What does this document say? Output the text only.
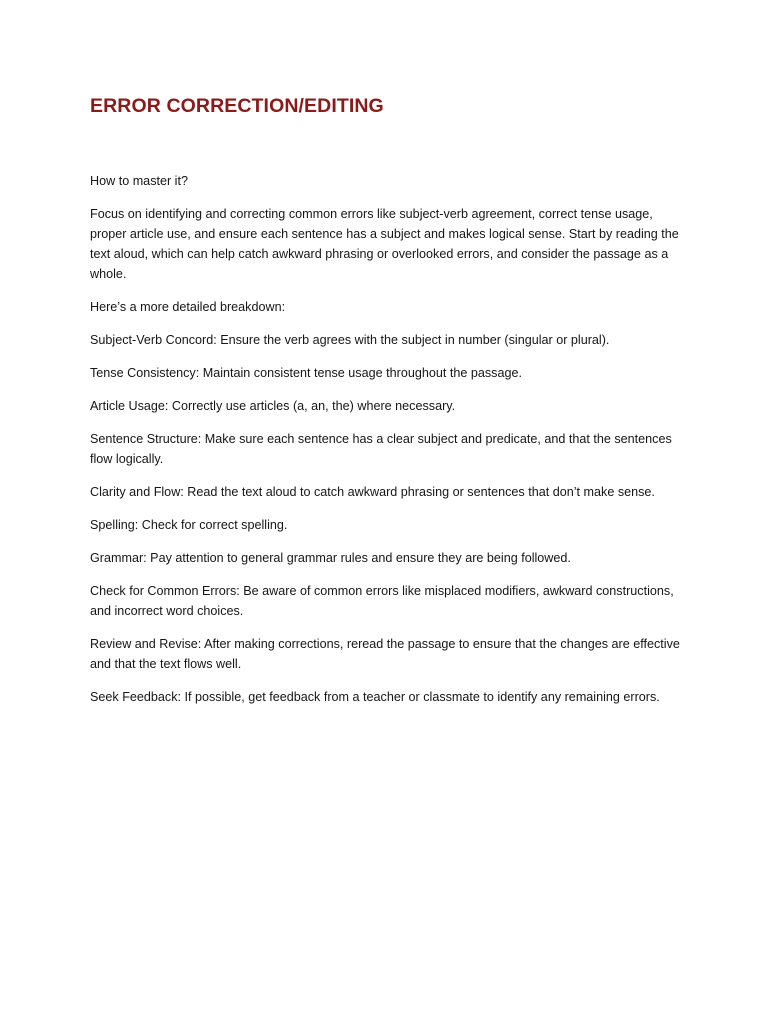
ERROR CORRECTION/EDITING

How to master it?

Focus on identifying and correcting common errors like subject-verb agreement, correct tense usage, proper article use, and ensure each sentence has a subject and makes logical sense. Start by reading the text aloud, which can help catch awkward phrasing or overlooked errors, and consider the passage as a whole.

Here’s a more detailed breakdown:

Subject-Verb Concord: Ensure the verb agrees with the subject in number (singular or plural).

Tense Consistency: Maintain consistent tense usage throughout the passage.

Article Usage: Correctly use articles (a, an, the) where necessary.

Sentence Structure: Make sure each sentence has a clear subject and predicate, and that the sentences flow logically.

Clarity and Flow: Read the text aloud to catch awkward phrasing or sentences that don’t make sense.

Spelling: Check for correct spelling.

Grammar: Pay attention to general grammar rules and ensure they are being followed.

Check for Common Errors: Be aware of common errors like misplaced modifiers, awkward constructions, and incorrect word choices.

Review and Revise: After making corrections, reread the passage to ensure that the changes are effective and that the text flows well.

Seek Feedback: If possible, get feedback from a teacher or classmate to identify any remaining errors.
